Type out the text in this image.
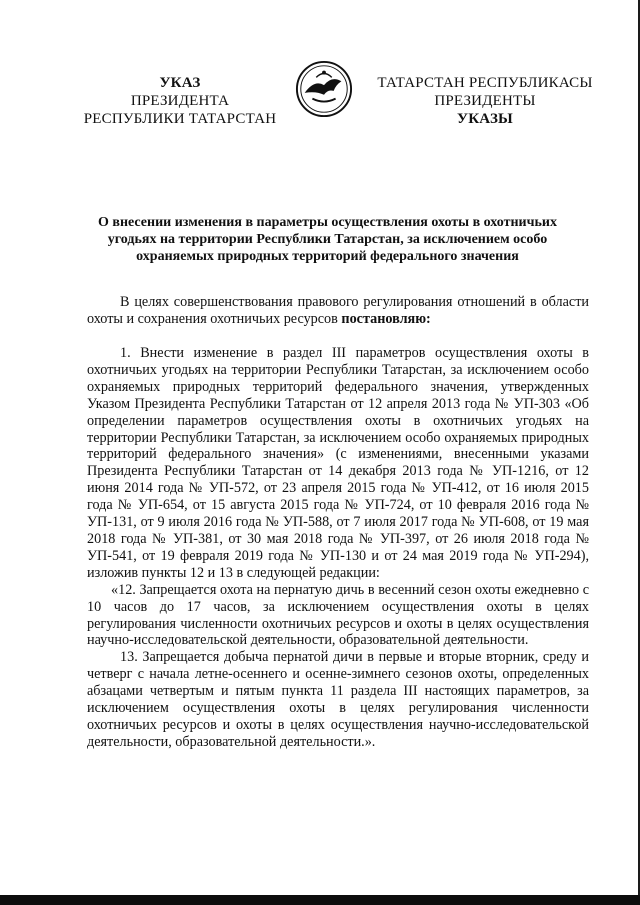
УКАЗ
ПРЕЗИДЕНТА
РЕСПУБЛИКИ ТАТАРСТАН
ТАТАРСТАН РЕСПУБЛИКАСЫ
ПРЕЗИДЕНТЫ
УКАЗЫ
О внесении изменения в параметры осуществления охоты в охотничьих
угодьях на территории Республики Татарстан, за исключением особо
охраняемых природных территорий федерального значения

В целях совершенствования правового регулирования отношений в области охоты и сохранения охотничьих ресурсов постановляю:

1. Внести изменение в раздел III параметров осуществления охоты в охотничьих угодьях на территории Республики Татарстан, за исключением особо охраняемых природных территорий федерального значения, утвержденных Указом Президента Республики Татарстан от 12 апреля 2013 года № УП-303 «Об определении параметров осуществления охоты в охотничьих угодьях на территории Республики Татарстан, за исключением особо охраняемых природных территорий федерального значения» (с изменениями, внесенными указами Президента Республики Татарстан от 14 декабря 2013 года № УП-1216, от 12 июня 2014 года № УП-572, от 23 апреля 2015 года № УП-412, от 16 июля 2015 года № УП-654, от 15 августа 2015 года № УП-724, от 10 февраля 2016 года № УП-131, от 9 июля 2016 года № УП-588, от 7 июля 2017 года № УП-608, от 19 мая 2018 года № УП-381, от 30 мая 2018 года № УП-397, от 26 июля 2018 года № УП-541, от 19 февраля 2019 года № УП-130 и от 24 мая 2019 года № УП-294), изложив пункты 12 и 13 в следующей редакции:

«12. Запрещается охота на пернатую дичь в весенний сезон охоты ежедневно с 10 часов до 17 часов, за исключением осуществления охоты в целях регулирования численности охотничьих ресурсов и охоты в целях осуществления научно-исследовательской деятельности, образовательной деятельности.

13. Запрещается добыча пернатой дичи в первые и вторые вторник, среду и четверг с начала летне-осеннего и осенне-зимнего сезонов охоты, определенных абзацами четвертым и пятым пункта 11 раздела III настоящих параметров, за исключением осуществления охоты в целях регулирования численности охотничьих ресурсов и охоты в целях осуществления научно-исследовательской деятельности, образовательной деятельности.».
